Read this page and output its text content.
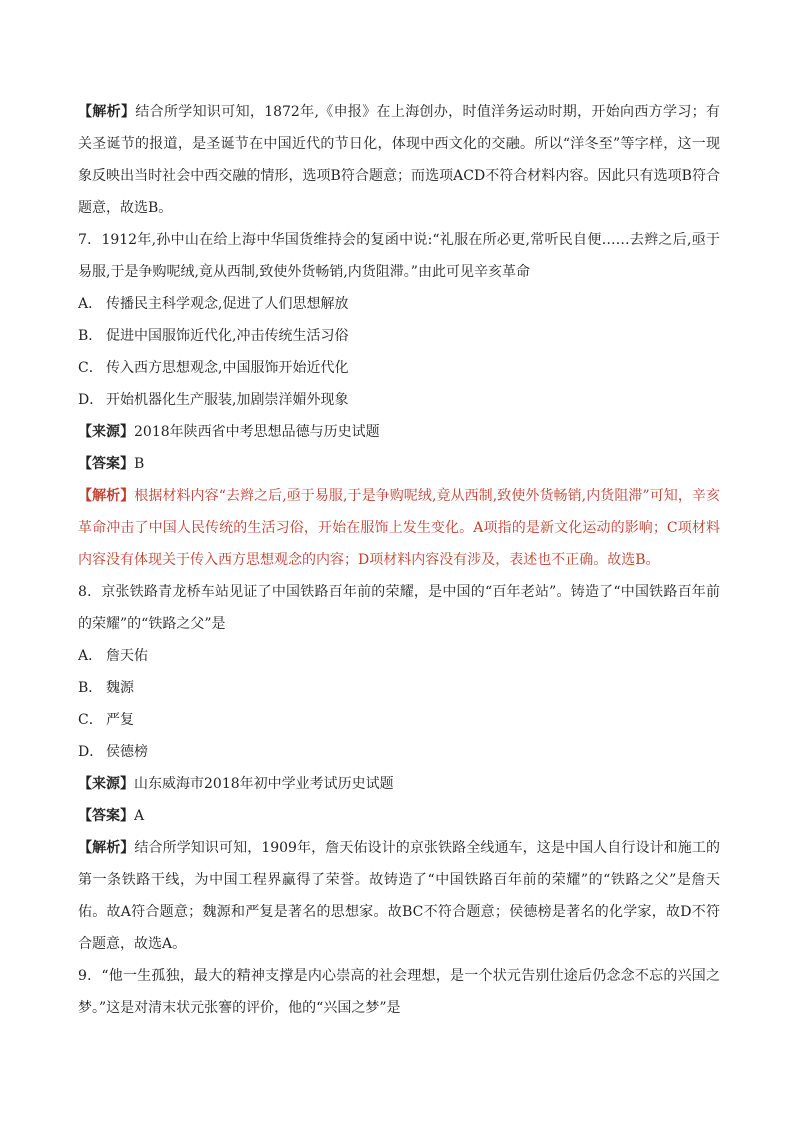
【解析】结合所学知识可知，1872年,《申报》在上海创办，时值洋务运动时期，开始向西方学习；有关圣诞节的报道，是圣诞节在中国近代的节日化，体现中西文化的交融。所以“洋冬至”等字样，这一现象反映出当时社会中西交融的情形，选项B符合题意；而选项ACD不符合材料内容。因此只有选项B符合题意，故选B。

7．1912年,孙中山在给上海中华国货维持会的复函中说:“礼服在所必更,常听民自便……去辫之后,亟于易服,于是争购呢绒,竟从西制,致使外货畅销,内货阻滞。”由此可见辛亥革命

A． 传播民主科学观念,促进了人们思想解放

B． 促进中国服饰近代化,冲击传统生活习俗

C． 传入西方思想观念,中国服饰开始近代化

D． 开始机器化生产服装,加剧崇洋媚外现象

【来源】2018年陕西省中考思想品德与历史试题

【答案】B

【解析】根据材料内容“去辫之后,亟于易服,于是争购呢绒,竟从西制,致使外货畅销,内货阻滞”可知，辛亥革命冲击了中国人民传统的生活习俗，开始在服饰上发生变化。A项指的是新文化运动的影响；C项材料内容没有体现关于传入西方思想观念的内容；D项材料内容没有涉及，表述也不正确。故选B。

8．京张铁路青龙桥车站见证了中国铁路百年前的荣耀，是中国的“百年老站”。铸造了“中国铁路百年前的荣耀”的“铁路之父”是

A． 詹天佑

B． 魏源

C． 严复

D． 侯德榜

【来源】山东威海市2018年初中学业考试历史试题

【答案】A

【解析】结合所学知识可知，1909年，詹天佑设计的京张铁路全线通车，这是中国人自行设计和施工的第一条铁路干线，为中国工程界赢得了荣誉。故铸造了“中国铁路百年前的荣耀”的“铁路之父”是詹天佑。故A符合题意；魏源和严复是著名的思想家。故BC不符合题意；侯德榜是著名的化学家，故D不符合题意，故选A。

9．“他一生孤独，最大的精神支撑是内心崇高的社会理想，是一个状元告别仕途后仍念念不忘的兴国之梦。”这是对清末状元张謇的评价，他的“兴国之梦”是
